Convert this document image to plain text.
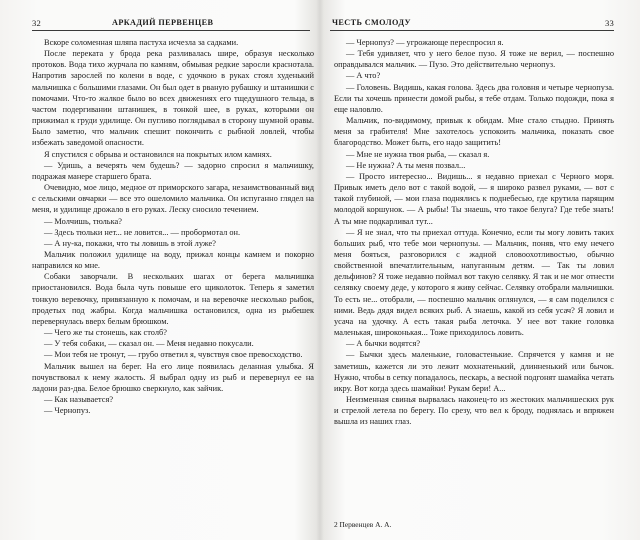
32	АРКАДИЙ ПЕРВЕНЦЕВ

Вскоре соломенная шляпа пастуха исчезла за садками.

После переката у брода река разливалась шире, образуя несколько протоков. Вода тихо журчала по камням, обмывая редкие заросли краснотала. Напротив зарослей по колени в воде, с удочкою в руках стоял худенький мальчишка с большими глазами. Он был одет в рваную рубашку и штанишки с помочами. Что-то жалкое было во всех движениях его тщедушного тельца, в частом подергивании штанишек, в тонкой шее, в руках, которыми он прижимал к груди удилище. Он пугливо поглядывал в сторону шумной оравы. Было заметно, что мальчик спешит покончить с рыбной ловлей, чтобы избежать заведомой опасности.

Я спустился с обрыва и остановился на покрытых илом камнях.

— Удишь, а вечерять чем будешь? — задорно спросил я мальчишку, подражая манере старшего брата.

Очевидно, мое лицо, медное от приморского загара, незаимствованный вид с сельскими овчарки — все это ошеломило мальчика. Он испуганно глядел на меня, и удилище дрожало в его руках. Леску сносило течением.

— Молчишь, тюлька?

— Здесь тюльки нет... не ловится... — пробормотал он.

— А ну-ка, покажи, что ты ловишь в этой луже?

Мальчик положил удилище на воду, прижал концы камнем и покорно направился ко мне.

Собаки заворчали. В нескольких шагах от берега мальчишка приостановился. Вода была чуть повыше его щиколоток. Теперь я заметил тонкую веревочку, привязанную к помочам, и на веревочке несколько рыбок, продетых под жабры. Когда мальчишка остановился, одна из рыбешек перевернулась вверх белым брюшком.

— Чего же ты стонешь, как столб?

— У тебя собаки, — сказал он. — Меня недавно покусали.

— Мои тебя не тронут, — грубо ответил я, чувствуя свое превосходство.

Мальчик вышел на берег. На его лице появилась деланная улыбка. Я почувствовал к нему жалость. Я выбрал одну из рыб и перевернул ее на ладони раз-два. Белое брюшко сверкнуло, как зайчик.

— Как называется?

— Чернопуз.

ЧЕСТЬ СМОЛОДУ	33

— Чернопуз? — угрожающе переспросил я.

— Тебя удивляет, что у него белое пузо. Я тоже не верил, — поспешно оправдывался мальчик. — Пузо. Это действительно чернопуз.

— А что?

— Головень. Видишь, какая голова. Здесь два головня и четыре чернопуза. Если ты хочешь принести домой рыбы, я тебе отдам. Только подожди, пока я еще наловлю.

Мальчик, по-видимому, привык к обидам. Мне стало стыдно. Принять меня за грабителя! Мне захотелось успокоить мальчика, показать свое благородство. Может быть, его надо защитить!

— Мне не нужна твоя рыба, — сказал я.

— Не нужна? А ты меня позвал...

— Просто интересно... Видишь... я недавно приехал с Черного моря. Привык иметь дело вот с такой водой, — я широко развел руками, — вот с такой глубиной, — мои глаза поднялись к поднебесью, где крутила парящим молодой коршунок. — А рыбы! Ты знаешь, что такое белуга? Где тебе знать! А ты мне подкарливал тут...

— Я не знал, что ты приехал оттуда. Конечно, если ты могу ловить таких больших рыб, что тебе мои чернопузы. — Мальчик, поняв, что ему нечего меня бояться, разговорился с жадной словоохотливостью, обычно свойственной впечатлительным, напуганным детям. — Так ты ловил дельфинов? Я тоже недавно поймал вот такую селявку. Я так и не мог отнести селявку своему деде, у которого я живу сейчас. Селявку отобрали мальчишки. То есть не... отобрали, — поспешно мальчик оглянулся, — я сам поделился с ними. Ведь дядя видел всяких рыб. А знаешь, какой из себя усач? Я ловил и усача на удочку. А есть такая рыба леточка. У нее вот такие головка маленькая, широконькая... Тоже приходилось ловить.

— А бычки водятся?

— Бычки здесь маленькие, головастенькие. Спрячется у камня и не заметишь, кажется ли это лежит мохнатенький, длинненький или бычок. Нужно, чтобы в сетку попадалось, пескарь, а весной подгонят шамайка четать икру. Вот когда здесь шамайки! Рукам бери! А...

Неизменная свинья вырвалась наконец-то из жестоких мальчишеских рук и стрелой летела по берегу. По срезу, что вел к броду, поднялась и впряжен вышла из наших глаз.

2 Первенцев А. А.
